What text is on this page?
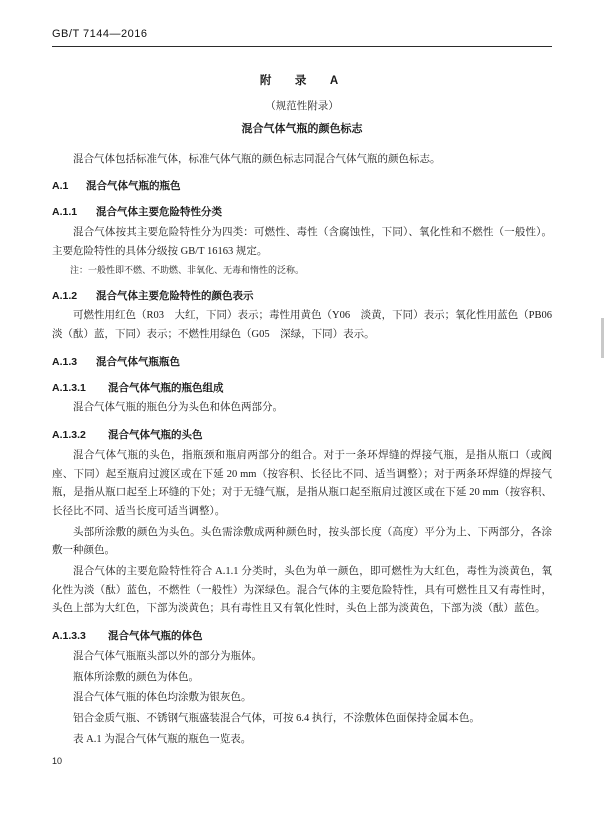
GB/T 7144—2016
附　录　A
（规范性附录）
混合气体气瓶的颜色标志

混合气体包括标准气体，标准气体气瓶的颜色标志同混合气体气瓶的颜色标志。

A.1 混合气体气瓶的瓶色
A.1.1 混合气体主要危险特性分类

混合气体按其主要危险特性分为四类：可燃性、毒性（含腐蚀性，下同）、氧化性和不燃性（一般性）。主要危险特性的具体分级按 GB/T 16163 规定。

注：一般性即不燃、不助燃、非氧化、无毒和惰性的泛称。

A.1.2 混合气体主要危险特性的颜色表示

可燃性用红色（R03　大红，下同）表示；毒性用黄色（Y06　淡黄，下同）表示；氧化性用蓝色（PB06 淡（酞）蓝，下同）表示；不燃性用绿色（G05　深绿，下同）表示。

A.1.3 混合气体气瓶瓶色
A.1.3.1 混合气体气瓶的瓶色组成

混合气体气瓶的瓶色分为头色和体色两部分。

A.1.3.2 混合气体气瓶的头色

混合气体气瓶的头色，指瓶颈和瓶肩两部分的组合。对于一条环焊缝的焊接气瓶，是指从瓶口（或阀座、下同）起至瓶肩过渡区或在下延 20 mm（按容积、长径比不同、适当调整）；对于两条环焊缝的焊接气瓶，是指从瓶口起至上环缝的下处；对于无缝气瓶，是指从瓶口起至瓶肩过渡区或在下延 20 mm（按容积、长径比不同、适当长度可适当调整）。

头部所涂敷的颜色为头色。头色需涂敷成两种颜色时，按头部长度（高度）平分为上、下两部分，各涂敷一种颜色。

混合气体的主要危险特性符合 A.1.1 分类时，头色为单一颜色，即可燃性为大红色，毒性为淡黄色，氧化性为淡（酞）蓝色，不燃性（一般性）为深绿色。混合气体的主要危险特性，具有可燃性且又有毒性时，头色上部为大红色，下部为淡黄色；具有毒性且又有氧化性时，头色上部为淡黄色，下部为淡（酞）蓝色。

A.1.3.3 混合气体气瓶的体色

混合气体气瓶瓶头部以外的部分为瓶体。

瓶体所涂敷的颜色为体色。

混合气体气瓶的体色均涂敷为银灰色。

铝合金质气瓶、不锈钢气瓶盛装混合气体，可按 6.4 执行，不涂敷体色面保持金属本色。

表 A.1 为混合气体气瓶的瓶色一览表。

10
